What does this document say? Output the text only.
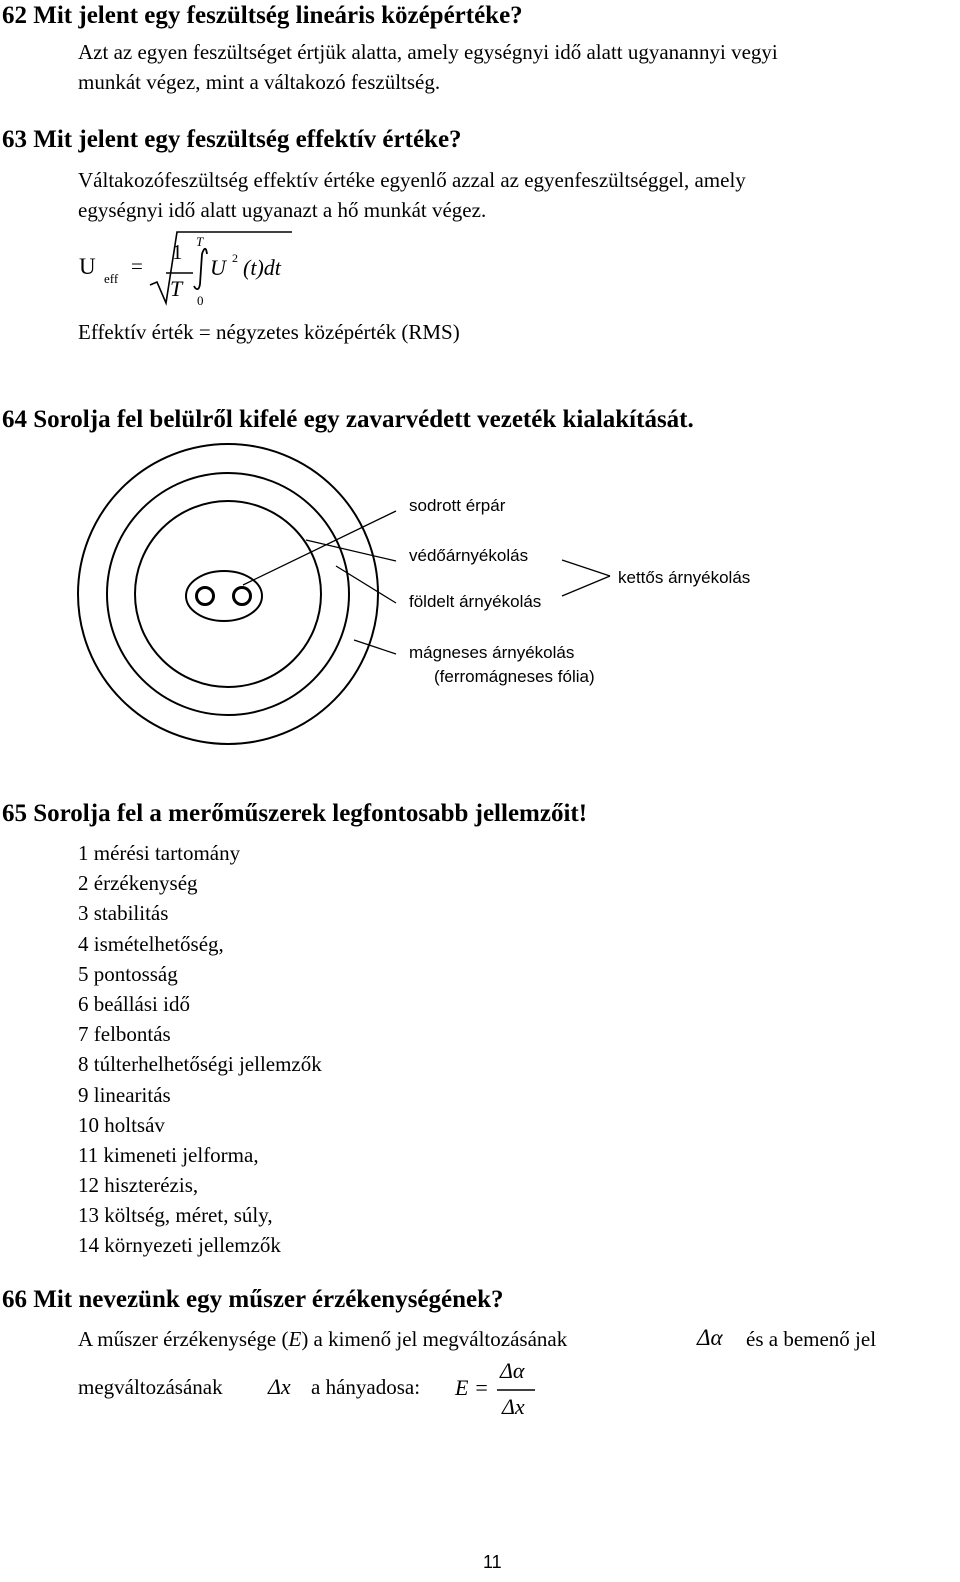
62 Mit jelent egy feszültség lineáris középértéke?
Azt az egyen feszültséget értjük alatta, amely egységnyi idő alatt ugyanannyi vegyi
munkát végez, mint a váltakozó feszültség.
63 Mit jelent egy feszültség effektív értéke?
Váltakozófeszültség effektív értéke egyenlő azzal az egyenfeszültséggel, amely
egységnyi idő alatt ugyanazt a hő munkát végez.
U eff
=
1
T
T
0
U 2 (t)dt
Effektív érték = négyzetes középérték (RMS)
64 Sorolja fel belülről kifelé egy zavarvédett vezeték kialakítását.
sodrott érpár
védőárnyékolás
földelt árnyékolás
kettős árnyékolás
mágneses árnyékolás
(ferromágneses fólia)
65 Sorolja fel a merőműszerek legfontosabb jellemzőit!
1 mérési tartomány
2 érzékenység
3 stabilitás
4 ismételhetőség,
5 pontosság
6 beállási idő
7 felbontás
8 túlterhelhetőségi jellemzők
9 linearitás
10 holtsáv
11 kimeneti jelforma,
12 hiszterézis,
13 költség, méret, súly,
14 környezeti jellemzők
66 Mit nevezünk egy műszer érzékenységének?
A műszer érzékenysége (E) a kimenő jel megváltozásának	Δα és a bemenő jel
megváltozásának Δx a hányadosa: E =
Δα
Δx
11
